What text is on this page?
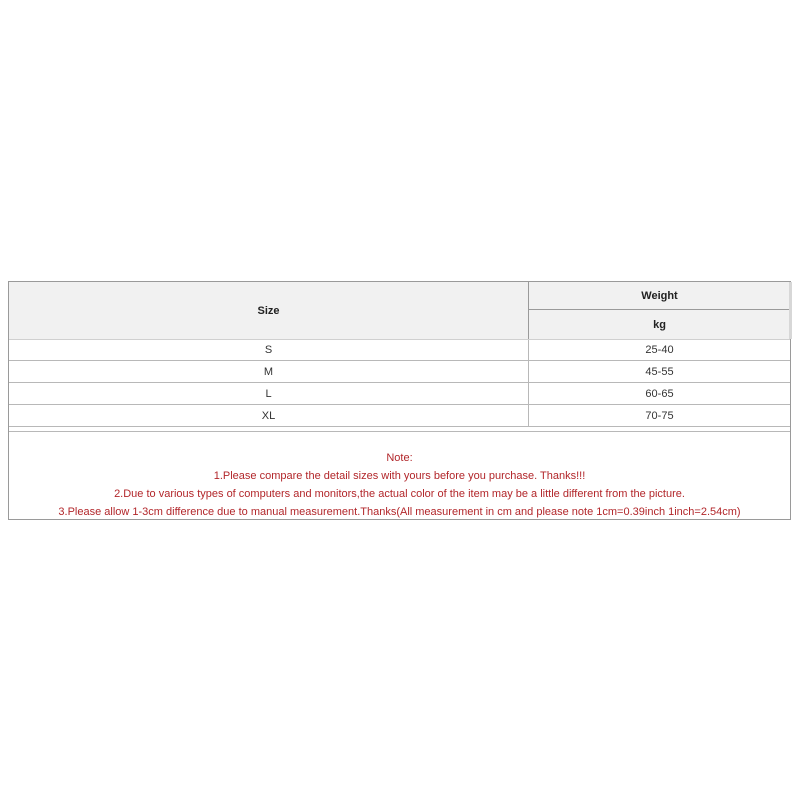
Size
Weight
kg
S	25-40
M	45-55
L	60-65
XL	70-75
Note:
1.Please compare the detail sizes with yours before you purchase. Thanks!!!
2.Due to various types of computers and monitors,the actual color of the item may be a little different from the picture.
3.Please allow 1-3cm difference due to manual measurement.Thanks(All measurement in cm and please note 1cm=0.39inch 1inch=2.54cm)
